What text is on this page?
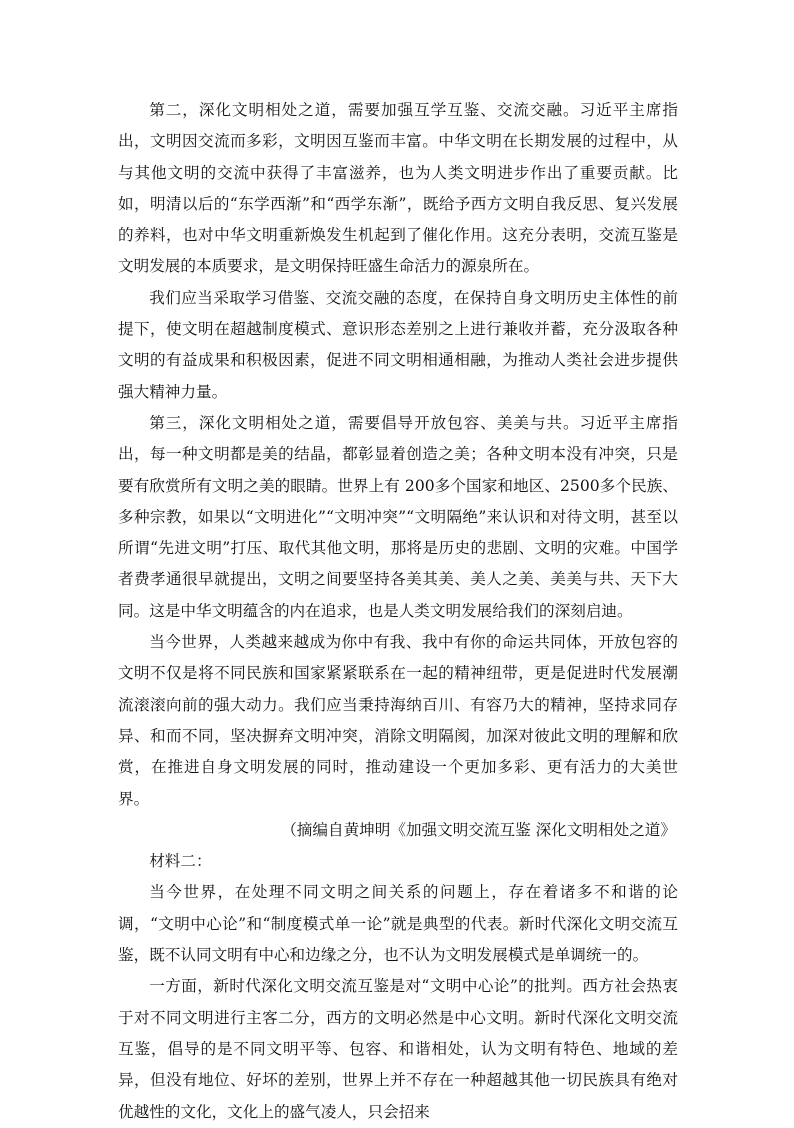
第二，深化文明相处之道，需要加强互学互鉴、交流交融。习近平主席指出，文明因交流而多彩，文明因互鉴而丰富。中华文明在长期发展的过程中，从与其他文明的交流中获得了丰富滋养，也为人类文明进步作出了重要贡献。比如，明清以后的“东学西渐”和“西学东渐”，既给予西方文明自我反思、复兴发展的养料，也对中华文明重新焕发生机起到了催化作用。这充分表明，交流互鉴是文明发展的本质要求，是文明保持旺盛生命活力的源泉所在。

我们应当采取学习借鉴、交流交融的态度，在保持自身文明历史主体性的前提下，使文明在超越制度模式、意识形态差别之上进行兼收并蓄，充分汲取各种文明的有益成果和积极因素，促进不同文明相通相融，为推动人类社会进步提供强大精神力量。

第三，深化文明相处之道，需要倡导开放包容、美美与共。习近平主席指出，每一种文明都是美的结晶，都彰显着创造之美；各种文明本没有冲突，只是要有欣赏所有文明之美的眼睛。世界上有 200多个国家和地区、2500多个民族、多种宗教，如果以“文明进化”“文明冲突”“文明隔绝”来认识和对待文明，甚至以所谓“先进文明”打压、取代其他文明，那将是历史的悲剧、文明的灾难。中国学者费孝通很早就提出，文明之间要坚持各美其美、美人之美、美美与共、天下大同。这是中华文明蕴含的内在追求，也是人类文明发展给我们的深刻启迪。

当今世界，人类越来越成为你中有我、我中有你的命运共同体，开放包容的文明不仅是将不同民族和国家紧紧联系在一起的精神纽带，更是促进时代发展潮流滚滚向前的强大动力。我们应当秉持海纳百川、有容乃大的精神，坚持求同存异、和而不同，坚决摒弃文明冲突，消除文明隔阂，加深对彼此文明的理解和欣赏，在推进自身文明发展的同时，推动建设一个更加多彩、更有活力的大美世界。

（摘编自黄坤明《加强文明交流互鉴 深化文明相处之道》

材料二：

当今世界，在处理不同文明之间关系的问题上，存在着诸多不和谐的论调，“文明中心论”和“制度模式单一论”就是典型的代表。新时代深化文明交流互鉴，既不认同文明有中心和边缘之分，也不认为文明发展模式是单调统一的。

一方面，新时代深化文明交流互鉴是对“文明中心论”的批判。西方社会热衷于对不同文明进行主客二分，西方的文明必然是中心文明。新时代深化文明交流互鉴，倡导的是不同文明平等、包容、和谐相处，认为文明有特色、地域的差异，但没有地位、好坏的差别，世界上并不存在一种超越其他一切民族具有绝对优越性的文化，文化上的盛气凌人，只会招来
